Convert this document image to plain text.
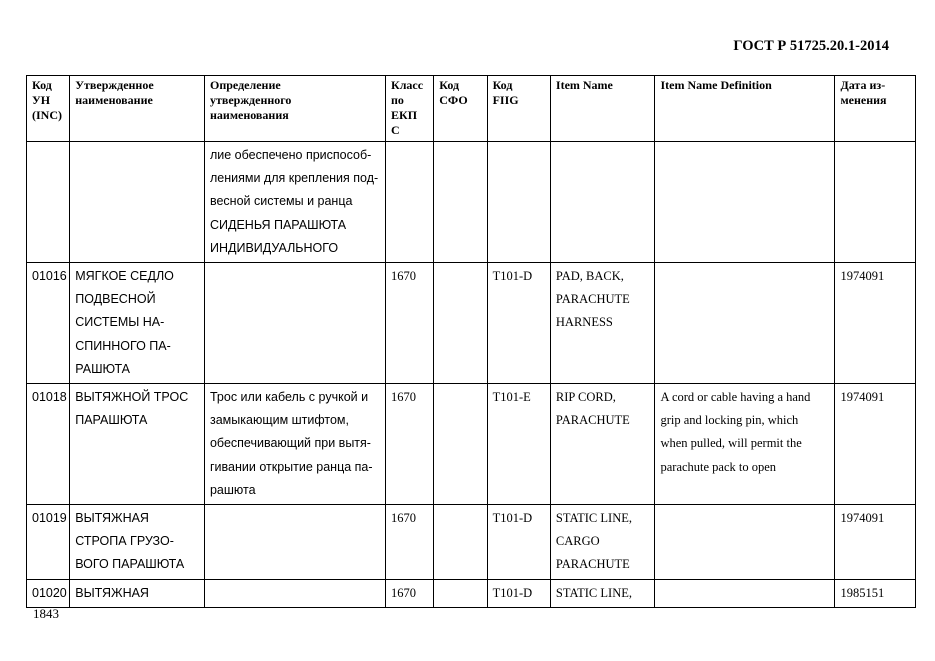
ГОСТ Р 51725.20.1-2014
Код
УН
(INC)	Утвержденное
наименование	Определение
утвержденного
наименования	Класс
по
ЕКП
С	Код
СФО	Код
FIIG	Item Name	Item Name Definition	Дата из-
менения

		лие обеспечено приспособ-
лениями для крепления под-
весной системы и ранца
СИДЕНЬЯ ПАРАШЮТА
ИНДИВИДУАЛЬНОГО						

01016	МЯГКОЕ СЕДЛО
ПОДВЕСНОЙ
СИСТЕМЫ НА-
СПИННОГО ПА-
РАШЮТА		1670		T101-D	PAD, BACK,
PARACHUTE
HARNESS		1974091
01018	ВЫТЯЖНОЙ ТРОС
ПАРАШЮТА	Трос или кабель с ручкой и
замыкающим штифтом,
обеспечивающий при вытя-
гивании открытие ранца па-
рашюта	1670		T101-E	RIP CORD,
PARACHUTE	A cord or cable having a hand
grip and locking pin, which
when pulled, will permit the
parachute pack to open	1974091
01019	ВЫТЯЖНАЯ
СТРОПА ГРУЗО-
ВОГО ПАРАШЮТА		1670		T101-D	STATIC LINE,
CARGO
PARACHUTE		1974091
01020	ВЫТЯЖНАЯ		1670		T101-D	STATIC LINE,		1985151
1843
